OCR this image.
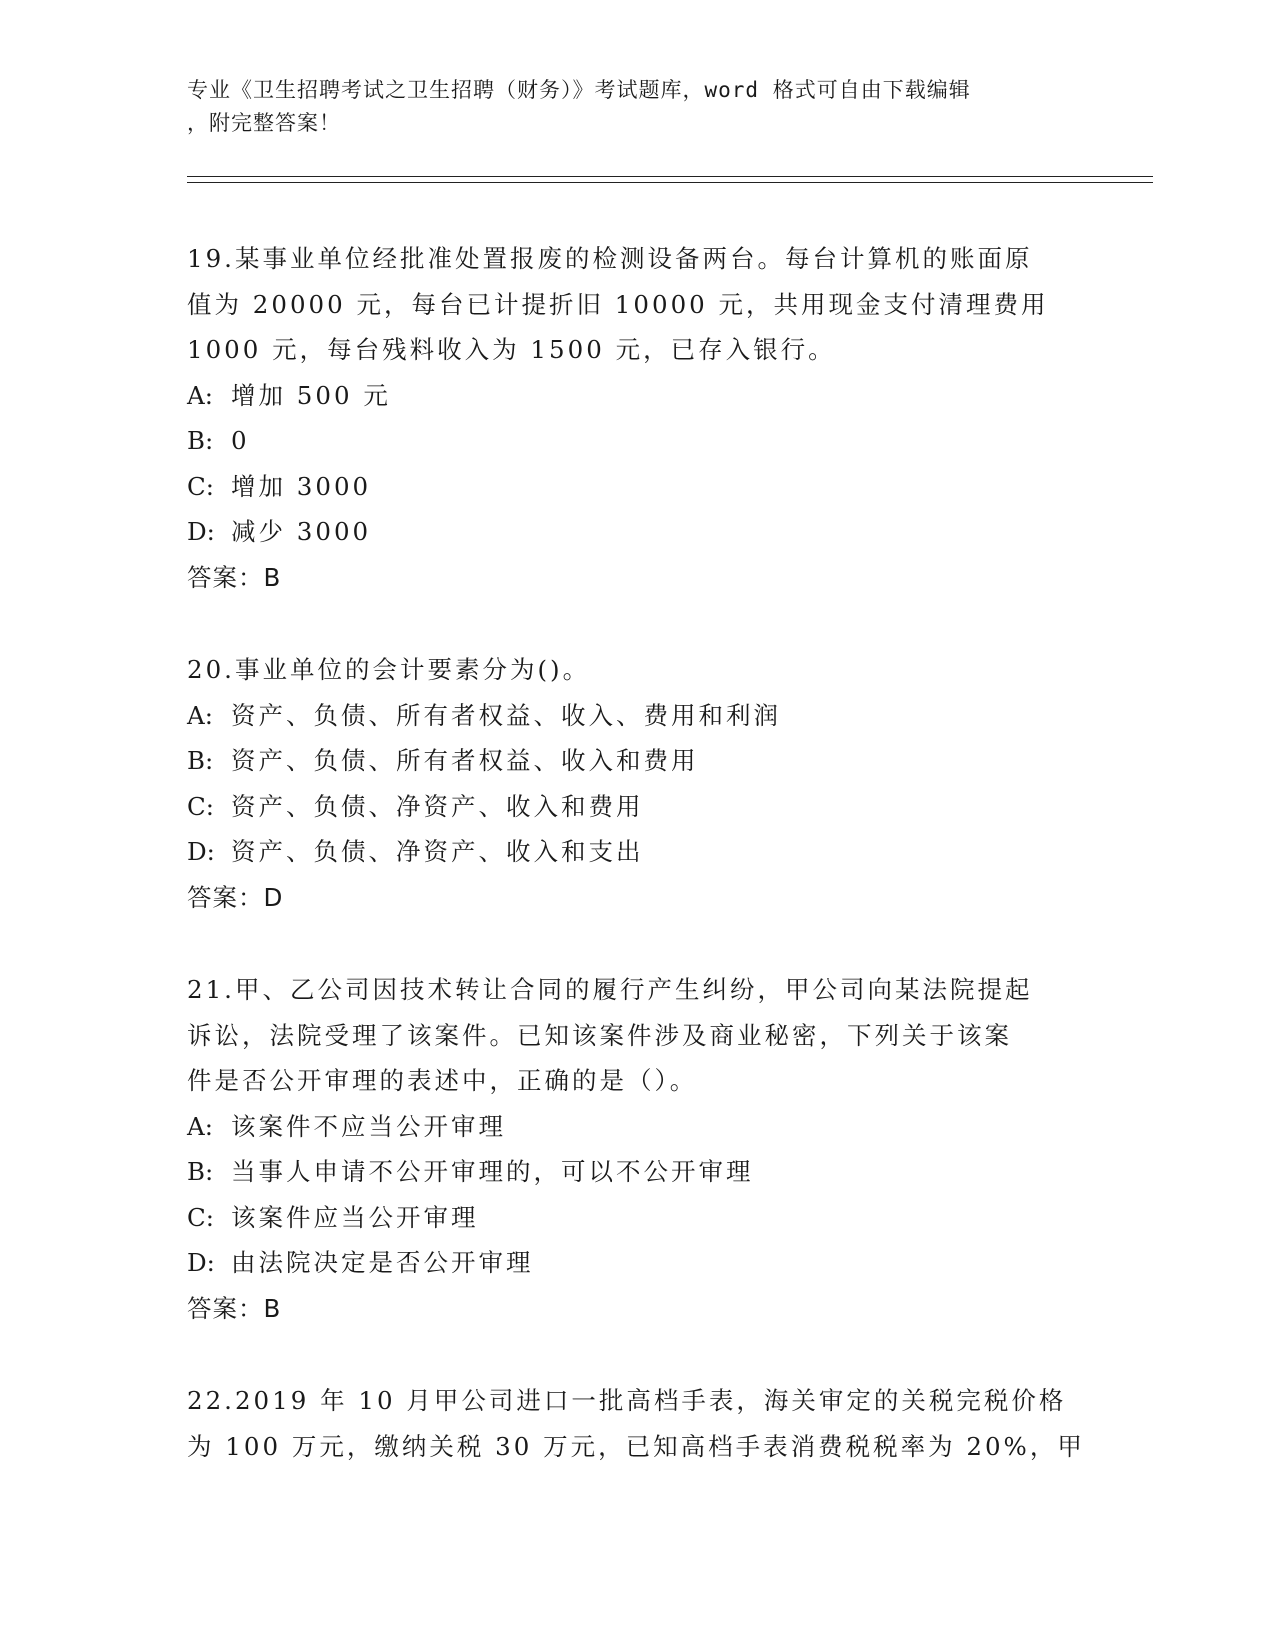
专业《卫生招聘考试之卫生招聘（财务）》考试题库，word 格式可自由下载编辑
，附完整答案！
19.某事业单位经批准处置报废的检测设备两台。每台计算机的账面原
值为 20000 元，每台已计提折旧 10000 元，共用现金支付清理费用
1000 元，每台残料收入为 1500 元，已存入银行。
A: 增加 500 元
B: 0
C: 增加 3000
D: 减少 3000
答案：B
20.事业单位的会计要素分为()。
A: 资产、负债、所有者权益、收入、费用和利润
B: 资产、负债、所有者权益、收入和费用
C: 资产、负债、净资产、收入和费用
D: 资产、负债、净资产、收入和支出
答案：D
21.甲、乙公司因技术转让合同的履行产生纠纷，甲公司向某法院提起
诉讼，法院受理了该案件。已知该案件涉及商业秘密，下列关于该案
件是否公开审理的表述中，正确的是（）。
A: 该案件不应当公开审理
B: 当事人申请不公开审理的，可以不公开审理
C: 该案件应当公开审理
D: 由法院决定是否公开审理
答案：B
22.2019 年 10 月甲公司进口一批高档手表，海关审定的关税完税价格
为 100 万元，缴纳关税 30 万元，已知高档手表消费税税率为 20%，甲
